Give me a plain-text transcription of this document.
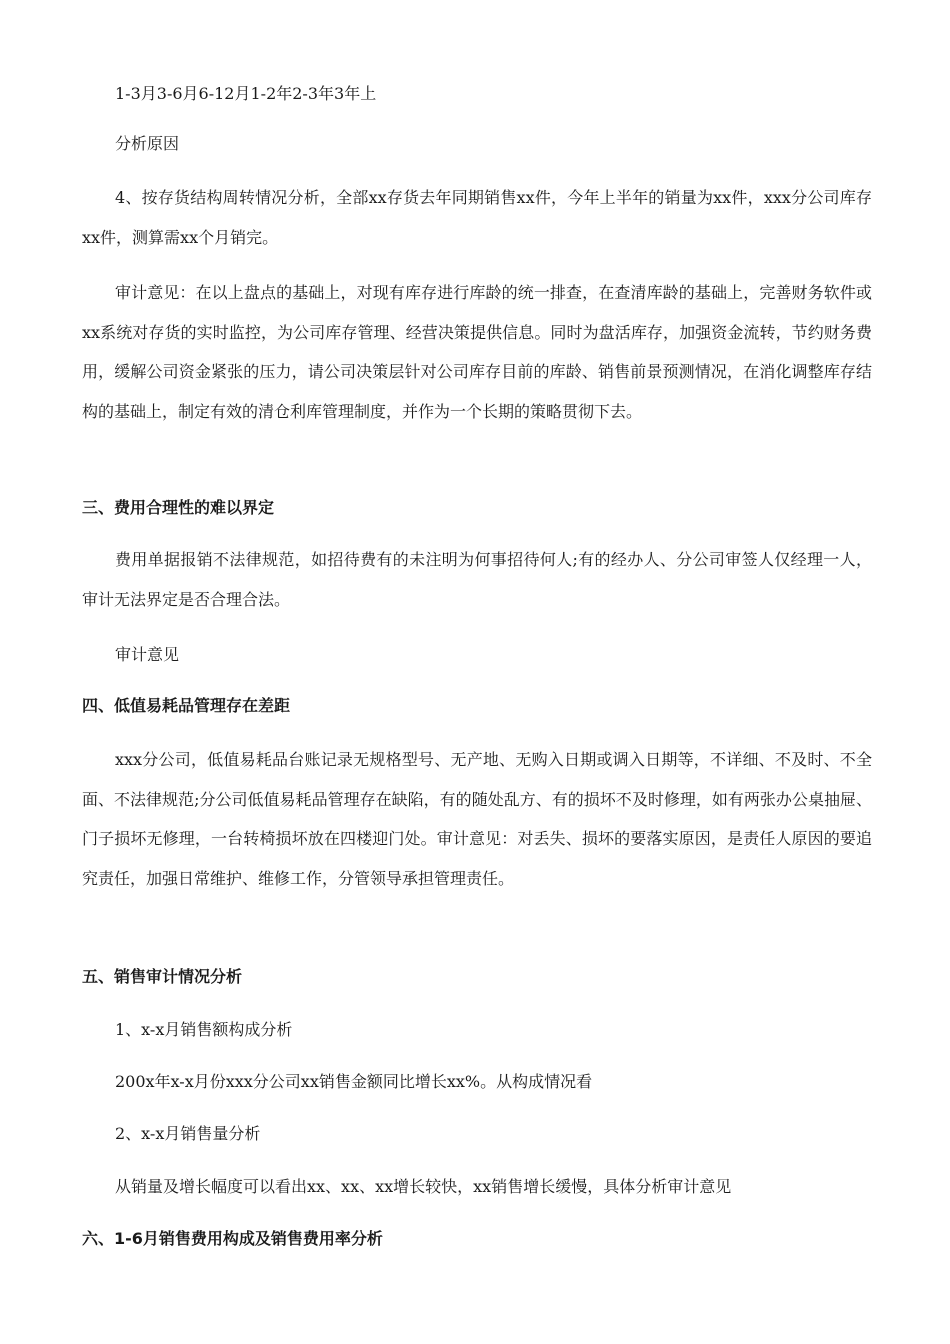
1-3月3-6月6-12月1-2年2-3年3年上
分析原因
4、按存货结构周转情况分析，全部xx存货去年同期销售xx件，今年上半年的销量为xx件，xxx分公司库存xx件，测算需xx个月销完。
审计意见：在以上盘点的基础上，对现有库存进行库龄的统一排查，在查清库龄的基础上，完善财务软件或xx系统对存货的实时监控，为公司库存管理、经营决策提供信息。同时为盘活库存，加强资金流转，节约财务费用，缓解公司资金紧张的压力，请公司决策层针对公司库存目前的库龄、销售前景预测情况，在消化调整库存结构的基础上，制定有效的清仓利库管理制度，并作为一个长期的策略贯彻下去。
三、费用合理性的难以界定
费用单据报销不法律规范，如招待费有的未注明为何事招待何人;有的经办人、分公司审签人仅经理一人，审计无法界定是否合理合法。
审计意见
四、低值易耗品管理存在差距
xxx分公司，低值易耗品台账记录无规格型号、无产地、无购入日期或调入日期等，不详细、不及时、不全面、不法律规范;分公司低值易耗品管理存在缺陷，有的随处乱方、有的损坏不及时修理，如有两张办公桌抽屉、门子损坏无修理，一台转椅损坏放在四楼迎门处。审计意见：对丢失、损坏的要落实原因，是责任人原因的要追究责任，加强日常维护、维修工作，分管领导承担管理责任。
五、销售审计情况分析
1、x-x月销售额构成分析
200x年x-x月份xxx分公司xx销售金额同比增长xx%。从构成情况看
2、x-x月销售量分析
从销量及增长幅度可以看出xx、xx、xx增长较快，xx销售增长缓慢，具体分析审计意见
六、1-6月销售费用构成及销售费用率分析
